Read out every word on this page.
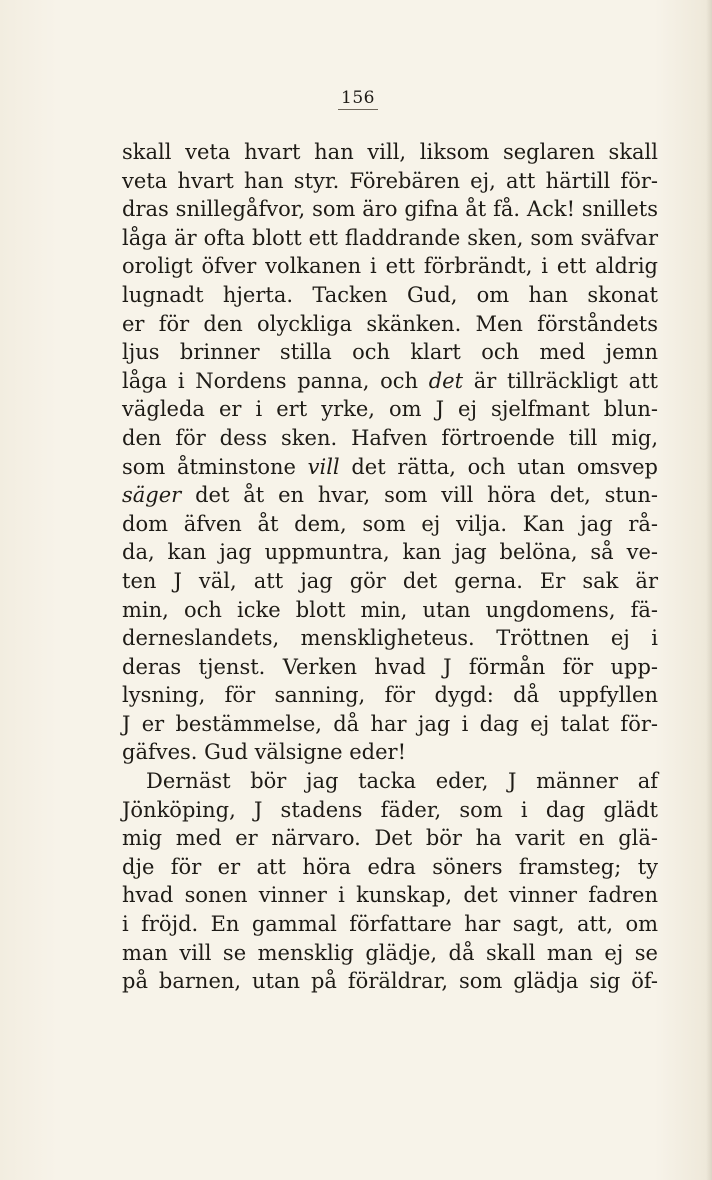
156
skall veta hvart han vill, liksom seglaren skall
veta hvart han styr. Förebären ej, att härtill för-
dras snillegåfvor, som äro gifna åt få. Ack! snillets
låga är ofta blott ett fladdrande sken, som sväfvar
oroligt öfver volkanen i ett förbrändt, i ett aldrig
lugnadt hjerta. Tacken Gud, om han skonat
er för den olyckliga skänken. Men förståndets
ljus brinner stilla och klart och med jemn
låga i Nordens panna, och det är tillräckligt att
vägleda er i ert yrke, om J ej sjelfmant blun-
den för dess sken. Hafven förtroende till mig,
som åtminstone vill det rätta, och utan omsvep
säger det åt en hvar, som vill höra det, stun-
dom äfven åt dem, som ej vilja. Kan jag rå-
da, kan jag uppmuntra, kan jag belöna, så ve-
ten J väl, att jag gör det gerna. Er sak är
min, och icke blott min, utan ungdomens, fä-
derneslandets, menskligheteus. Tröttnen ej i
deras tjenst. Verken hvad J förmån för upp-
lysning, för sanning, för dygd: då uppfyllen
J er bestämmelse, då har jag i dag ej talat för-
gäfves. Gud välsigne eder!
Dernäst bör jag tacka eder, J männer af
Jönköping, J stadens fäder, som i dag glädt
mig med er närvaro. Det bör ha varit en glä-
dje för er att höra edra söners framsteg; ty
hvad sonen vinner i kunskap, det vinner fadren
i fröjd. En gammal författare har sagt, att, om
man vill se mensklig glädje, då skall man ej se
på barnen, utan på föräldrar, som glädja sig öf-
